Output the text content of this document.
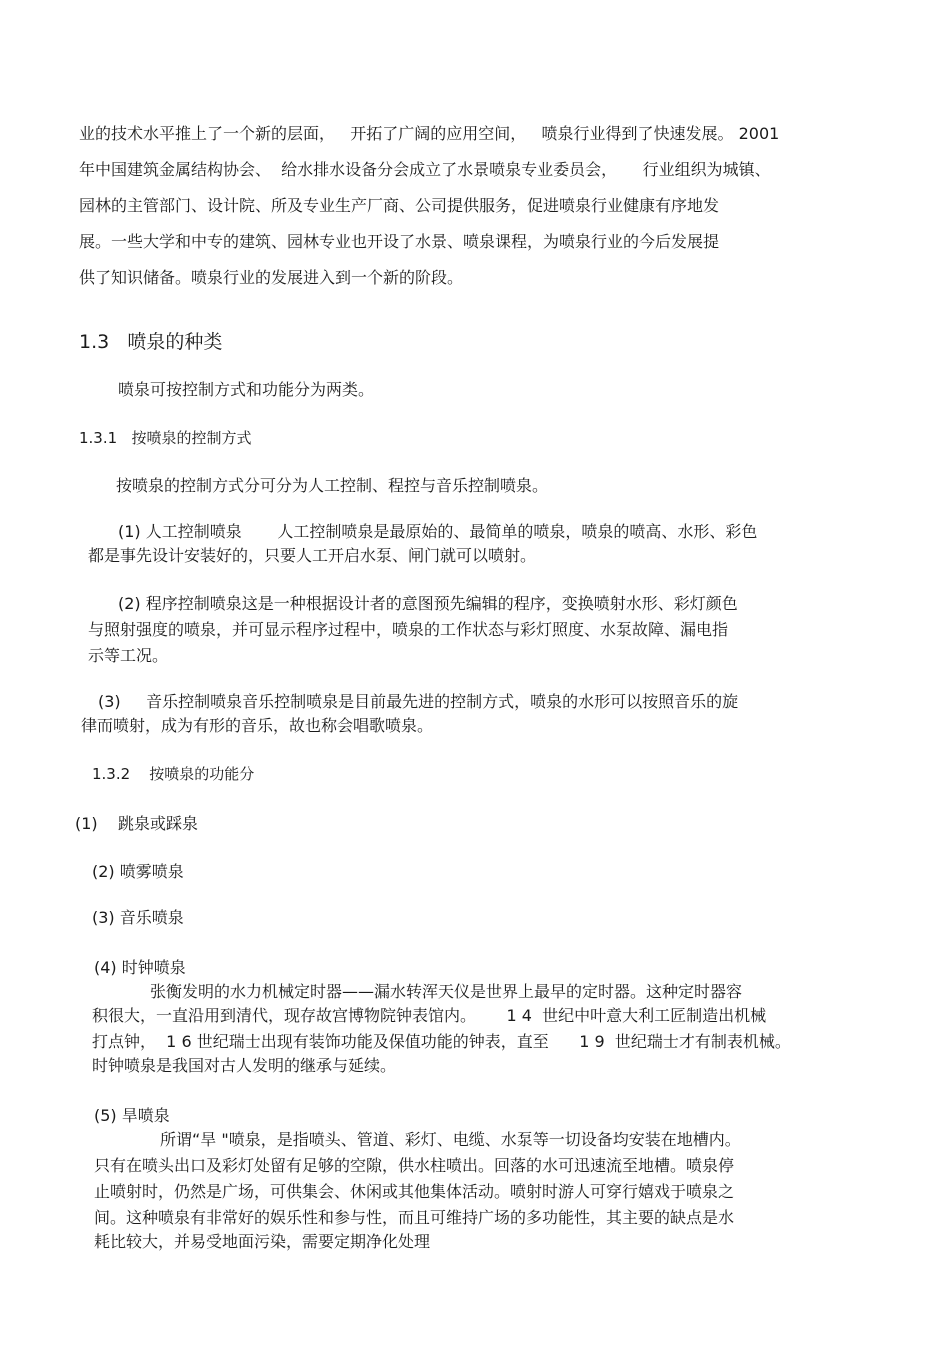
业的技术水平推上了一个新的层面，   开拓了广阔的应用空间，   喷泉行业得到了快速发展。 2001

年中国建筑金属结构协会、  给水排水设备分会成立了水景喷泉专业委员会，     行业组织为城镇、

园林的主管部门、设计院、所及专业生产厂商、公司提供服务，促进喷泉行业健康有序地发

展。一些大学和中专的建筑、园林专业也开设了水景、喷泉课程，为喷泉行业的今后发展提

供了知识储备。喷泉行业的发展进入到一个新的阶段。

1.3   喷泉的种类

喷泉可按控制方式和功能分为两类。

1.3.1   按喷泉的控制方式

按喷泉的控制方式分可分为人工控制、程控与音乐控制喷泉。

(1) 人工控制喷泉       人工控制喷泉是最原始的、最简单的喷泉，喷泉的喷高、水形、彩色

都是事先设计安装好的，只要人工开启水泵、闸门就可以喷射。

(2) 程序控制喷泉这是一种根据设计者的意图预先编辑的程序，变换喷射水形、彩灯颜色

与照射强度的喷泉，并可显示程序过程中，喷泉的工作状态与彩灯照度、水泵故障、漏电指

示等工况。

(3)     音乐控制喷泉音乐控制喷泉是目前最先进的控制方式，喷泉的水形可以按照音乐的旋

律而喷射，成为有形的音乐，故也称会唱歌喷泉。

1.3.2    按喷泉的功能分

(1)    跳泉或踩泉

(2) 喷雾喷泉

(3) 音乐喷泉

(4) 时钟喷泉

张衡发明的水力机械定时器——漏水转浑天仪是世界上最早的定时器。这种定时器容

积很大，一直沿用到清代，现存故宫博物院钟表馆内。      1 4  世纪中叶意大利工匠制造出机械

打点钟，  1 6 世纪瑞士出现有装饰功能及保值功能的钟表，直至      1 9  世纪瑞士才有制表机械。

时钟喷泉是我国对古人发明的继承与延续。

(5) 旱喷泉

所谓“旱 "喷泉，是指喷头、管道、彩灯、电缆、水泵等一切设备均安装在地槽内。

只有在喷头出口及彩灯处留有足够的空隙，供水柱喷出。回落的水可迅速流至地槽。喷泉停

止喷射时，仍然是广场，可供集会、休闲或其他集体活动。喷射时游人可穿行嬉戏于喷泉之

间。这种喷泉有非常好的娱乐性和参与性，而且可维持广场的多功能性，其主要的缺点是水

耗比较大，并易受地面污染，需要定期净化处理
